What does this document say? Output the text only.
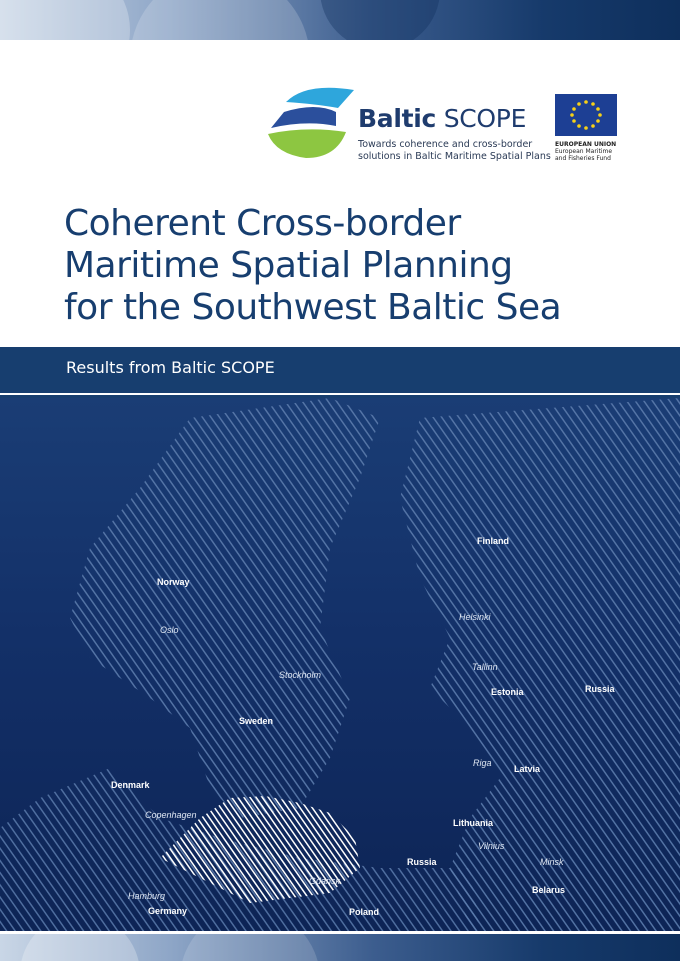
Baltic SCOPE
Towards coherence and cross-border
solutions in Baltic Maritime Spatial Plans
EUROPEAN UNION
European Maritime
and Fisheries Fund
Coherent Cross-border
Maritime Spatial Planning
for the Southwest Baltic Sea
Results from Baltic SCOPE
Finland
Norway
Oslo
Helsinki
Tallinn
Stockholm
Estonia	Russia
Sweden
Riga
Latvia
Denmark
Copenhagen
Lithuania
Vilnius
Russia	Minsk
Gdansk
Belarus
Hamburg
Germany	Poland
